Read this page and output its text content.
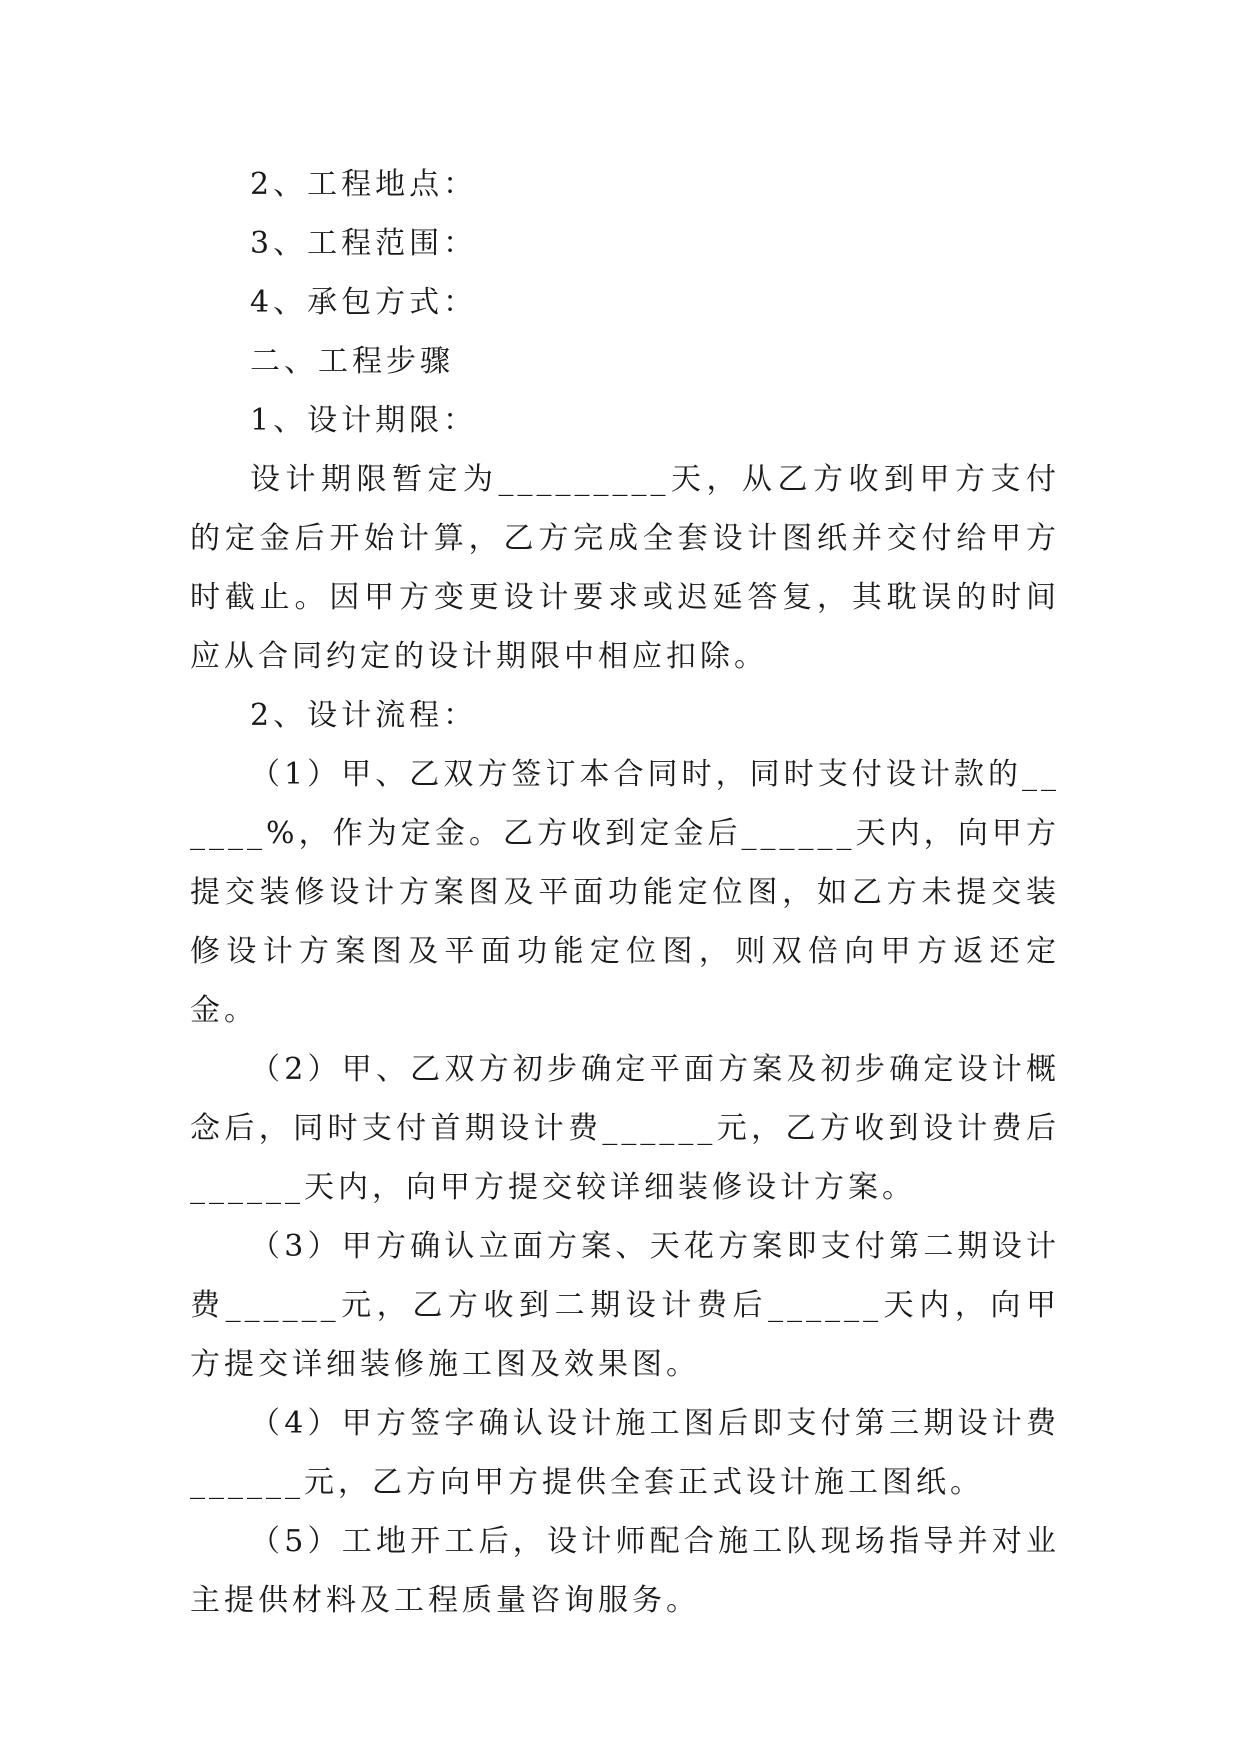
2、工程地点：

3、工程范围：

4、承包方式：

二、工程步骤

1、设计期限：

设计期限暂定为_________天，从乙方收到甲方支付的定金后开始计算，乙方完成全套设计图纸并交付给甲方时截止。因甲方变更设计要求或迟延答复，其耽误的时间应从合同约定的设计期限中相应扣除。

2、设计流程：

（1）甲、乙双方签订本合同时，同时支付设计款的______%，作为定金。乙方收到定金后______天内，向甲方提交装修设计方案图及平面功能定位图，如乙方未提交装修设计方案图及平面功能定位图，则双倍向甲方返还定金。

（2）甲、乙双方初步确定平面方案及初步确定设计概念后，同时支付首期设计费______元，乙方收到设计费后______天内，向甲方提交较详细装修设计方案。

（3）甲方确认立面方案、天花方案即支付第二期设计费______元，乙方收到二期设计费后______天内，向甲方提交详细装修施工图及效果图。

（4）甲方签字确认设计施工图后即支付第三期设计费______元，乙方向甲方提供全套正式设计施工图纸。

（5）工地开工后，设计师配合施工队现场指导并对业主提供材料及工程质量咨询服务。
